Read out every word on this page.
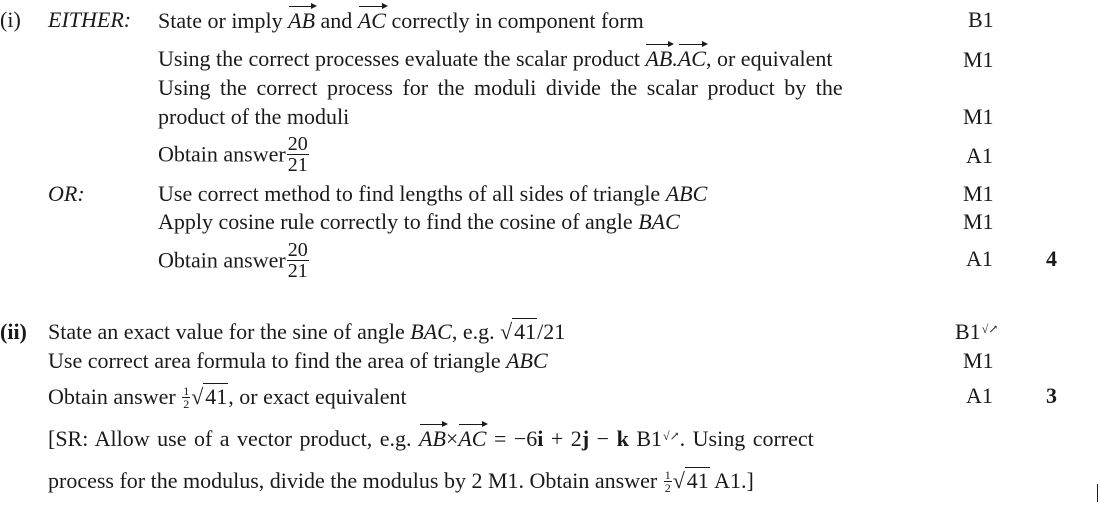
(i) EITHER: State or imply AB and AC correctly in component form	B1
Using the correct processes evaluate the scalar product AB.AC, or equivalent	M1
Using the correct process for the moduli divide the scalar product by the
product of the moduli	M1
Obtain answer $\frac{20}{21}$	A1
OR:	Use correct method to find lengths of all sides of triangle ABC	M1
Apply cosine rule correctly to find the cosine of angle BAC	M1
Obtain answer $\frac{20}{21}$	A1 4
(ii) State an exact value for the sine of angle BAC, e.g. √41/21	B1√↗
Use correct area formula to find the area of triangle ABC	M1
Obtain answer $\frac{1}{2} √41$, or exact equivalent	A1 3
[SR: Allow use of a vector product, e.g. AB×AC = −6i + 2j − k B1√↗. Using correct
process for the modulus, divide the modulus by 2 M1. Obtain answer $\frac{1}{2} √41$ A1.]
